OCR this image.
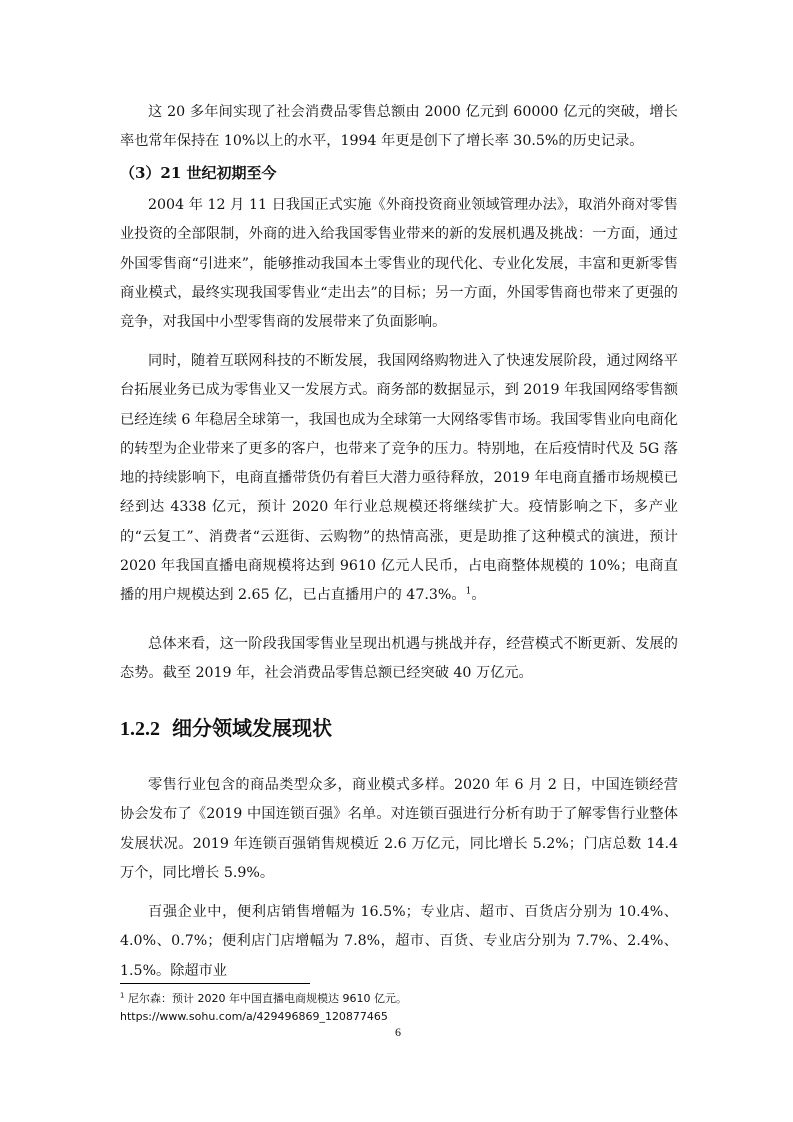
这 20 多年间实现了社会消费品零售总额由 2000 亿元到 60000 亿元的突破，增长率也常年保持在 10%以上的水平，1994 年更是创下了增长率 30.5%的历史记录。

（3）21 世纪初期至今

2004 年 12 月 11 日我国正式实施《外商投资商业领域管理办法》，取消外商对零售业投资的全部限制，外商的进入给我国零售业带来的新的发展机遇及挑战：一方面，通过外国零售商“引进来”，能够推动我国本土零售业的现代化、专业化发展，丰富和更新零售商业模式，最终实现我国零售业“走出去”的目标；另一方面，外国零售商也带来了更强的竞争，对我国中小型零售商的发展带来了负面影响。

同时，随着互联网科技的不断发展，我国网络购物进入了快速发展阶段，通过网络平台拓展业务已成为零售业又一发展方式。商务部的数据显示，到 2019 年我国网络零售额已经连续 6 年稳居全球第一，我国也成为全球第一大网络零售市场。我国零售业向电商化的转型为企业带来了更多的客户，也带来了竞争的压力。特别地，在后疫情时代及 5G 落地的持续影响下，电商直播带货仍有着巨大潜力亟待释放，2019 年电商直播市场规模已经到达 4338 亿元，预计 2020 年行业总规模还将继续扩大。疫情影响之下，多产业的“云复工”、消费者“云逛街、云购物”的热情高涨，更是助推了这种模式的演进，预计 2020 年我国直播电商规模将达到 9610 亿元人民币，占电商整体规模的 10%；电商直播的用户规模达到 2.65 亿，已占直播用户的 47.3%。$^1$。

总体来看，这一阶段我国零售业呈现出机遇与挑战并存，经营模式不断更新、发展的态势。截至 2019 年，社会消费品零售总额已经突破 40 万亿元。

1.2.2 细分领域发展现状

零售行业包含的商品类型众多，商业模式多样。2020 年 6 月 2 日，中国连锁经营协会发布了《2019 中国连锁百强》名单。对连锁百强进行分析有助于了解零售行业整体发展状况。2019 年连锁百强销售规模近 2.6 万亿元，同比增长 5.2%；门店总数 14.4 万个，同比增长 5.9%。

百强企业中，便利店销售增幅为 16.5%；专业店、超市、百货店分别为 10.4%、4.0%、0.7%；便利店门店增幅为 7.8%，超市、百货、专业店分别为 7.7%、2.4%、1.5%。除超市业

$^1$ 尼尔森：预计 2020 年中国直播电商规模达 9610 亿元。
https://www.sohu.com/a/429496869_120877465
6
